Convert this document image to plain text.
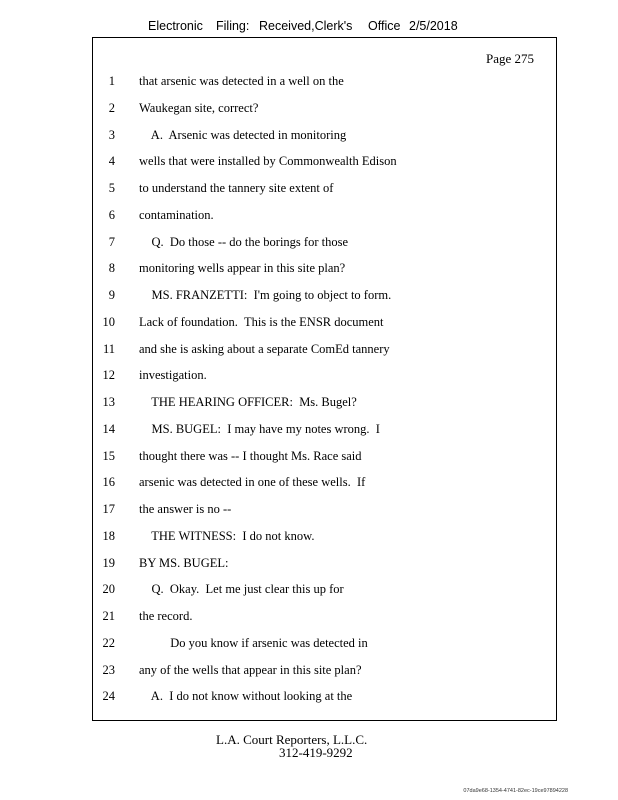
Electronic Filing: Received,Clerk's Office 2/5/2018
Page 275
1 that arsenic was detected in a well on the
2 Waukegan site, correct?
3 A.  Arsenic was detected in monitoring
4 wells that were installed by Commonwealth Edison
5 to understand the tannery site extent of
6 contamination.
7 Q.  Do those -- do the borings for those
8 monitoring wells appear in this site plan?
9 MS. FRANZETTI:  I'm going to object to form.
10 Lack of foundation.  This is the ENSR document
11 and she is asking about a separate ComEd tannery
12 investigation.
13 THE HEARING OFFICER:  Ms. Bugel?
14 MS. BUGEL:  I may have my notes wrong.  I
15 thought there was -- I thought Ms. Race said
16 arsenic was detected in one of these wells.  If
17 the answer is no --
18 THE WITNESS:  I do not know.
19 BY MS. BUGEL:
20 Q.  Okay.  Let me just clear this up for
21 the record.
22 Do you know if arsenic was detected in
23 any of the wells that appear in this site plan?
24 A.  I do not know without looking at the
L.A. Court Reporters, L.L.C.
312-419-9292
07da9e68-1354-4741-82ec-19ce97894228
